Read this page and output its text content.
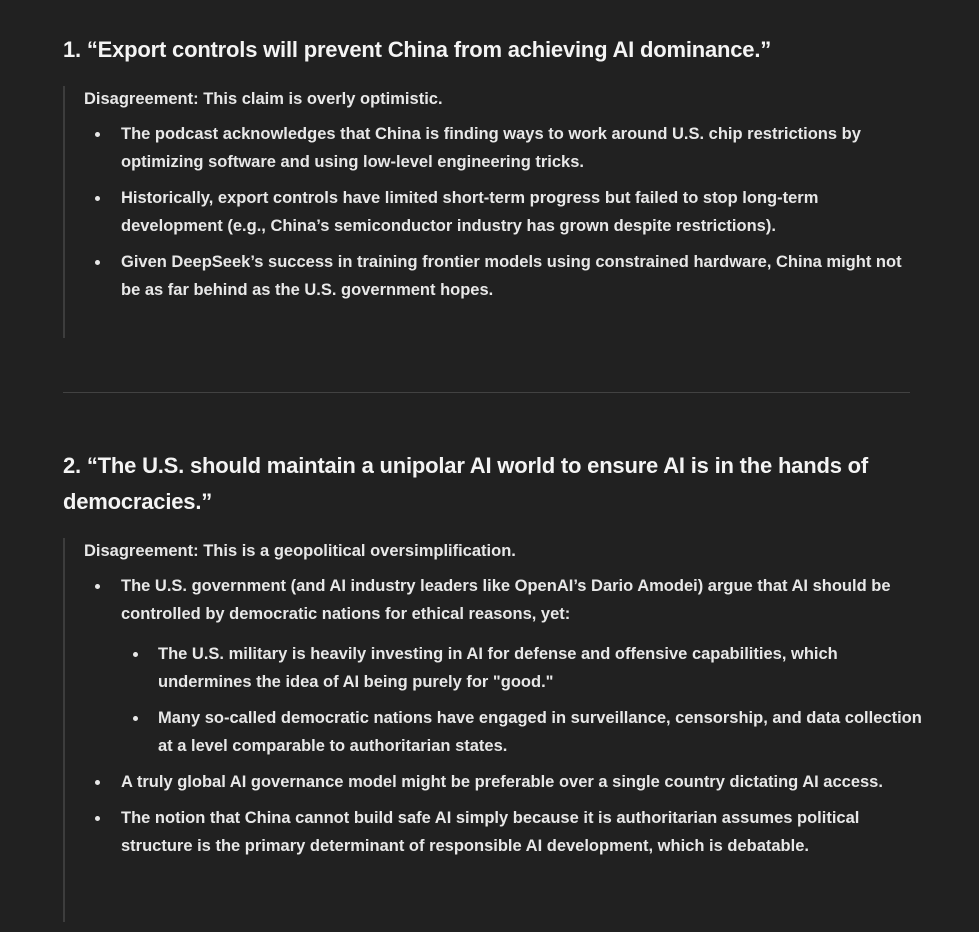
1. “Export controls will prevent China from achieving AI dominance.”

Disagreement: This claim is overly optimistic.

The podcast acknowledges that China is finding ways to work around U.S. chip restrictions by optimizing software and using low-level engineering tricks.
Historically, export controls have limited short-term progress but failed to stop long-term development (e.g., China’s semiconductor industry has grown despite restrictions).
Given DeepSeek’s success in training frontier models using constrained hardware, China might not be as far behind as the U.S. government hopes.
2. “The U.S. should maintain a unipolar AI world to ensure AI is in the hands of democracies.”

Disagreement: This is a geopolitical oversimplification.

The U.S. government (and AI industry leaders like OpenAI’s Dario Amodei) argue that AI should be controlled by democratic nations for ethical reasons, yet:
The U.S. military is heavily investing in AI for defense and offensive capabilities, which undermines the idea of AI being purely for "good."
Many so-called democratic nations have engaged in surveillance, censorship, and data collection at a level comparable to authoritarian states.
A truly global AI governance model might be preferable over a single country dictating AI access.
The notion that China cannot build safe AI simply because it is authoritarian assumes political structure is the primary determinant of responsible AI development, which is debatable.
